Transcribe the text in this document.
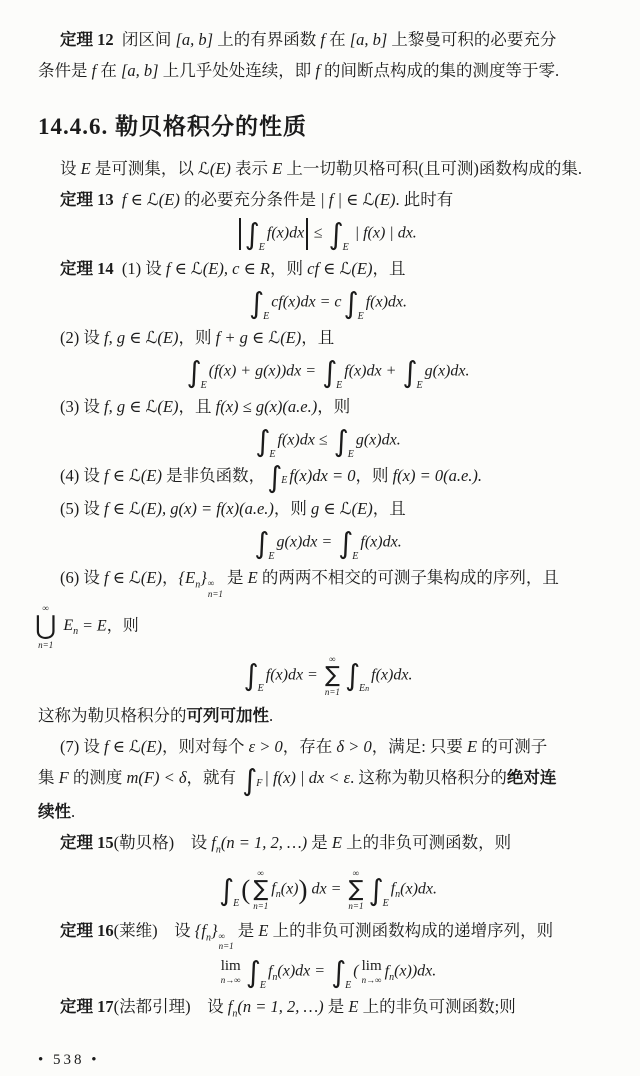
定理 12  闭区间 [a, b] 上的有界函数 f 在 [a, b] 上黎曼可积的必要充分

条件是 f 在 [a, b] 上几乎处处连续，即 f 的间断点构成的集的测度等于零.

14.4.6. 勒贝格积分的性质

设 E 是可测集，以 ℒ(E) 表示 E 上一切勒贝格可积(且可测)函数构成的集.

定理 13 f ∈ ℒ(E) 的必要充分条件是 | f | ∈ ℒ(E). 此时有

∫ E
f(x)dx ≤ ∫ E
| f(x) | dx.

定理 14  (1) 设 f ∈ ℒ(E), c ∈ R，则 cf ∈ ℒ(E)，且

∫ E
cf(x)dx = c ∫ E
f(x)dx.

(2) 设 f, g ∈ ℒ(E)，则 f + g ∈ ℒ(E)，且

∫ E
(f(x) + g(x))dx = ∫ E
f(x)dx + ∫ E
g(x)dx.

(3) 设 f, g ∈ ℒ(E)，且 f(x) ≤ g(x)(a.e.)，则

∫ E
f(x)dx ≤ ∫ E
g(x)dx.

(4) 设 f ∈ ℒ(E) 是非负函数， ∫ E f(x)dx = 0，则 f(x) = 0(a.e.).

(5) 设 f ∈ ℒ(E), g(x) = f(x)(a.e.)，则 g ∈ ℒ(E)，且

∫ E
g(x)dx = ∫ E
f(x)dx.

(6) 设 f ∈ ℒ(E)，$\{E_n\}$ ∞
n=1
是 E 的两两不相交的可测子集构成的序列，且

∞
⋃
n=1
$E_n = E$，则
∫ E
f(x)dx =
∞
∑
n=1 ∫ En
f(x)dx.

这称为勒贝格积分的可列可加性.

(7) 设 f ∈ ℒ(E)，则对每个 ε > 0，存在 δ > 0，满足: 只要 E 的可测子

集 F 的测度 m(F) < δ，就有 ∫ F | f(x) | dx < ε. 这称为勒贝格积分的绝对连

续性.

定理 15(勒贝格)　设 $f_n(n = 1$, 2, …) 是 E 上的非负可测函数，则

∫ E (
∞
∑
n=1
$f_n(x)$) dx =
∞
∑
n=1 ∫ E
$f_n(x)dx$.

定理 16(莱维)　设 $\{f_n\}$ ∞
n=1
是 E 上的非负可测函数构成的递增序列，则

lim
n→∞ ∫ E
$f_n(x)dx$ = ∫ E
( lim
n→∞
$f_n(x))dx$.

定理 17(法都引理)　设 $f_n(n = 1$, 2, …) 是 E 上的非负可测函数;则

• 538 •
